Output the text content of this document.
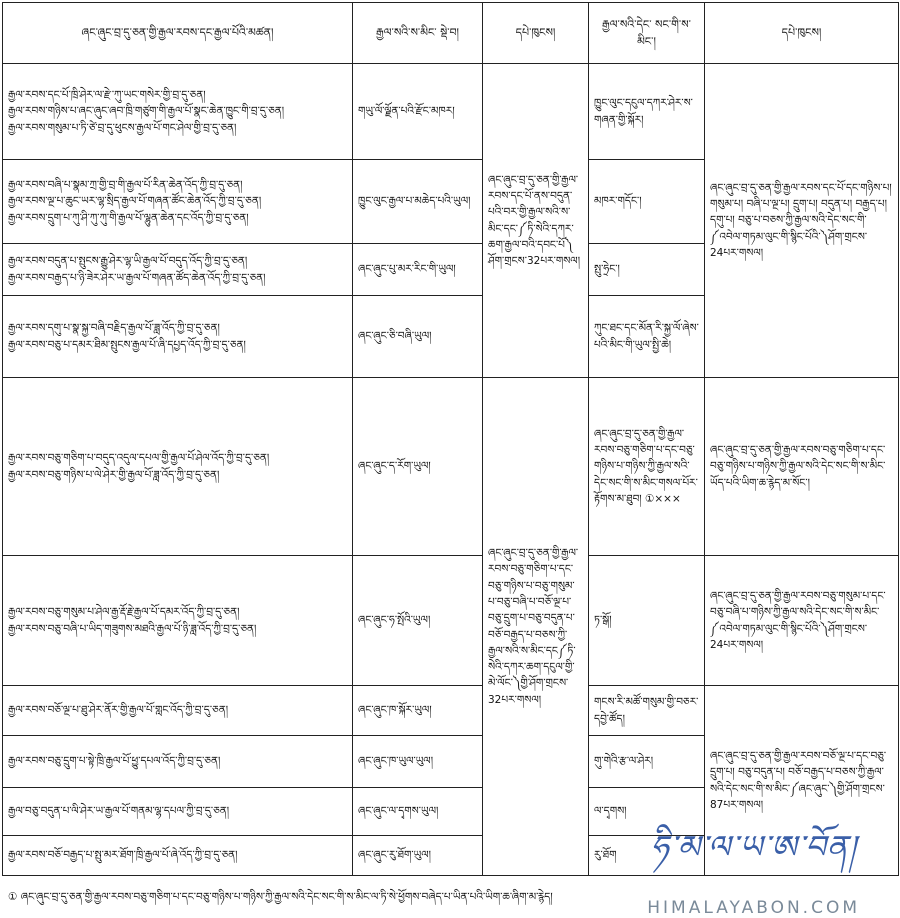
ཞང་ཞུང་བྲ་དུ་ཅན་གྱི་རྒྱལ་རབས་དང་རྒྱལ་པོའི་མཚན།	རྒྱལ་སའི་ས་མིང་ སྡེ་བ།	དཔེ་ཁུངས།	རྒྱལ་སའི་དེང་ སང་གི་ས་མིང་།	དཔེ་ཁུངས།

རྒྱལ་རབས་དང་པོ་ཁྲི་ཤེར་ལ་རྫེ་ཀུ་ཡང་གསེར་གྱི་བྲ་དུ་ཅན།
རྒྱལ་རབས་གཉིས་པ་ཞང་ཞུང་ཞབ་ཁྲི་གཙུག་གི་རྒྱལ་པོ་སྣང་ཆེན་ཁྱུང་གི་བྲ་དུ་ཅན།
རྒྱལ་རབས་གསུམ་པ་ཏི་ཙེ་བྲ་དུ་ཕུངས་རྒྱལ་པོ་གང་ཤེལ་གྱི་བྲ་དུ་ཅན།	གཡུ་ལོ་ལྗོན་པའི་རྫོང་མཁར།	ཞང་ཞུང་བྲ་དུ་ཅན་གྱི་རྒྱལ་རབས་དང་པོ་ནས་བདུན་པའི་བར་གྱི་རྒྱལ་སའི་ས་མིང་དང་༼ཏི་སེའི་དཀར་ཆག་རྒྱལ་བའི་དབང་པོ༽ཤོག་གྲངས་32པར་གསལ།	ཁྱུང་ལུང་དངུལ་དཀར་ཤེར་ས་གཞན་གྱི་སྐོར།	ཞང་ཞུང་བྲ་དུ་ཅན་གྱི་རྒྱལ་རབས་དང་པོ་དང་གཉིས་པ། གསུམ་པ། བཞི་པ་ལྔ་པ། དྲུག་པ། བདུན་པ། བརྒྱད་པ། དགུ་པ། བཅུ་པ་བཅས་ཀྱི་རྒྱལ་སའི་དེང་སང་གི་༼འབེལ་གཏམ་ལུང་གི་སྙིང་པོའི་༽ཤོག་གྲངས་24པར་གསལ།

རྒྱལ་རབས་བཞི་པ་སྣམ་ཀྲ་གྱི་བྲ་གི་རྒྱལ་པོ་རིན་ཆེན་འོད་ཀྱི་བྲ་དུ་ཅན།
རྒྱལ་རབས་ལྔ་པ་ཆུང་ཡར་ལྷ་སྲིད་རྒྱལ་པོ་གཞན་ཚོང་ཆེན་འོད་ཀྱི་བྲ་དུ་ཅན།
རྒྱལ་རབས་དྲུག་པ་ཀུ་ཤི་ཀུ་ཀུ་གི་རྒྱལ་པོ་ལྷུན་ཆེན་དང་འོད་ཀྱི་བྲ་དུ་ཅན།	ཁྱུང་ལུང་རྒྱལ་པ་མཆེད་པའི་ཡུལ།		མཁར་གདོང་།	

རྒྱལ་རབས་བདུན་པ་སྤུངས་རྒྱུ་ཤེར་ལྷ་ཡི་རྒྱལ་པོ་བདུད་འོད་ཀྱི་བྲ་དུ་ཅན།
རྒྱལ་རབས་བརྒྱད་པ་ཉི་ཟེར་ཤེར་ཡ་རྒྱལ་པོ་གཞན་ཚོད་ཆེན་འོད་ཀྱི་བྲ་དུ་ཅན།	ཞང་ཞུང་པུ་མར་རིང་གི་ཡུལ།		སྤུ་ཧྲེང་།	

རྒྱལ་རབས་དགུ་པ་སྣ་སྐྱ་བཞི་བརྗིད་རྒྱལ་པོ་ཟླ་འོད་ཀྱི་བྲ་དུ་ཅན།
རྒྱལ་རབས་བཅུ་པ་དམར་ཐིམ་སྤུངས་རྒྱལ་པོ་ཞི་དཔྱད་འོད་ཀྱི་བྲ་དུ་ཅན།	ཞང་ཞུང་ཅི་བཞི་ཡུལ།		ཀུང་ཐང་དང་མོན་རི་སྐྱ་ལོ་ཞེས་པའི་མིང་གི་ཡུལ་སྤྱི་ཆེ།	

རྒྱལ་རབས་བཅུ་གཅིག་པ་བདུད་འདུལ་དཔལ་གྱི་རྒྱལ་པོ་ཤེལ་འོད་ཀྱི་བྲ་དུ་ཅན།
རྒྱལ་རབས་བཅུ་གཉིས་པ་ལེ་ཤེར་གྱི་རྒྱལ་པོ་ཟླ་འོད་ཀྱི་བྲ་དུ་ཅན།	ཞང་ཞུང་ད་རོག་ཡུལ།	ཞང་ཞུང་བྲ་དུ་ཅན་གྱི་རྒྱལ་རབས་བཅུ་གཅིག་པ་དང་བཅུ་གཉིས་པ་བཅུ་གསུམ་པ་བཅུ་བཞི་པ་བཅོ་ལྔ་པ་བཅུ་དྲུག་པ་བཅུ་བདུན་པ་བཅོ་བརྒྱད་པ་བཅས་ཀྱི་རྒྱལ་སའི་ས་མིང་དང༼ཏི་སེའི་དཀར་ཆག་དངུལ་གྱི་མེ་ལོང་༽གྱི་ཤོག་གྲངས་32པར་གསལ།	ཞང་ཞུང་བྲ་དུ་ཅན་གྱི་རྒྱལ་རབས་བཅུ་གཅིག་པ་དང་བཅུ་གཉིས་པ་གཉིས་ཀྱི་རྒྱལ་སའི་དེང་སང་གི་ས་མིང་གསལ་པོར་རྟོགས་མ་ཐུབ། ①×××	ཞང་ཞུང་བྲ་དུ་ཅན་གྱི་རྒྱལ་རབས་བཅུ་གཅིག་པ་དང་བཅུ་གཉིས་པ་གཉིས་ཀྱི་རྒྱལ་སའི་དེང་སང་གི་ས་མིང་ཡོད་པའི་ཡིག་ཆ་རྙེད་མ་སོང་།

རྒྱལ་རབས་བཅུ་གསུམ་པ་ཤེལ་རྒྱ་རྡོ་རྗེ་རྒྱལ་པོ་དམར་འོད་ཀྱི་བྲ་དུ་ཅན།
རྒྱལ་རབས་བཅུ་བཞི་པ་ཡིད་གཟུགས་མཐའི་རྒྱལ་པོ་ཉི་ཟླ་འོད་ཀྱི་བྲ་དུ་ཅན།	ཞང་ཞུང་ཧ་སྤོའི་ཡུལ།		ཏ་སྒོ།	ཞང་ཞུང་བྲ་དུ་ཅན་གྱི་རྒྱལ་རབས་བཅུ་གསུམ་པ་དང་བཅུ་བཞི་པ་གཉིས་ཀྱི་རྒྱལ་སའི་དེང་སང་གི་ས་མིང་༼འབེལ་གཏམ་ལུང་གི་སྙིང་པོའི་༽ཤོག་གྲངས་24པར་གསལ།

རྒྱལ་རབས་བཅོ་ལྔ་པ་ཐུ་ཤེར་ནོར་གྱི་རྒྱལ་པོ་གླང་འོད་ཀྱི་བྲ་དུ་ཅན།	ཞང་ཞུང་ཁ་སྐོར་ཡུལ།		གངས་རི་མཚོ་གསུམ་གྱི་བཅར་དབྱེ་ཚོད།	ཞང་ཞུང་བྲ་དུ་ཅན་གྱི་རྒྱལ་རབས་བཅོ་ལྔ་པ་དང་བཅུ་དྲུག་པ། བཅུ་བདུན་པ། བཅོ་བརྒྱད་པ་བཅས་ཀྱི་རྒྱལ་སའི་དེང་སང་གི་ས་མིང་༼ཞང་ཞུང་༽གྱི་ཤོག་གྲངས་87པར་གསལ།

རྒྱལ་རབས་བཅུ་དྲུག་པ་སྟེ་ཁྲི་རྒྱལ་པོ་ཕྱུ་དཔལ་འོད་ཀྱི་བྲ་དུ་ཅན།	ཞང་ཞུང་ཁ་ཡུལ་ཡུལ།		གུ་གེའི་རྩ་ལ་ཤེར།	

རྒྱལ་བཅུ་བདུན་པ་ལི་ཤེར་ཡ་རྒྱལ་པོ་གནམ་ལྷ་དཔལ་ཀྱི་བྲ་དུ་ཅན།	ཞང་ཞུང་ལ་དྭགས་ཡུལ།		ལ་དྭགས།	

རྒྱལ་རབས་བཅོ་བརྒྱད་པ་སྤུ་མར་ཐོག་ཁྲི་རྒྱལ་པོ་ཞེ་འོད་ཀྱི་བྲ་དུ་ཅན།	ཞང་ཞུང་རུ་ཐོག་ཡུལ།		རུ་ཐོག	ཧི་མ་ལ་ཡ་ཨ་བོན།
HIMALAYABON.COM
① ཞང་ཞུང་བྲ་དུ་ཅན་གྱི་རྒྱལ་རབས་བཅུ་གཅིག་པ་དང་བཅུ་གཉིས་པ་གཉིས་ཀྱི་རྒྱལ་སའི་དེང་སང་གི་ས་མིང་ལ་ཏི་སེ་ཕྱོགས་བཞེད་པ་ཡིན་པའི་ཡིག་ཆ་ཞིག་མ་རྙེད།
